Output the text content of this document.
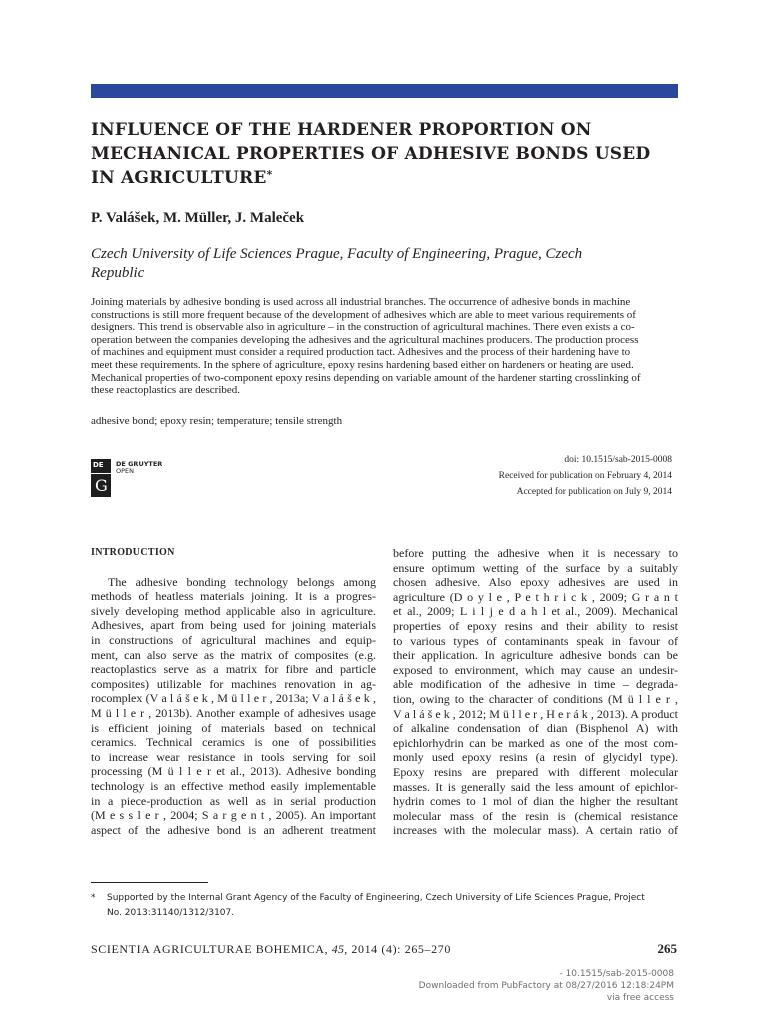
INFLUENCE OF THE HARDENER PROPORTION ON
MECHANICAL PROPERTIES OF ADHESIVE BONDS USED
IN AGRICULTURE*
P. Valášek, M. Müller, J. Maleček
Czech University of Life Sciences Prague, Faculty of Engineering, Prague, Czech
Republic
Joining materials by adhesive bonding is used across all industrial branches. The occurrence of adhesive bonds in machine
constructions is still more frequent because of the development of adhesives which are able to meet various requirements of
designers. This trend is observable also in agriculture – in the construction of agricultural machines. There even exists a co-
operation between the companies developing the adhesives and the agricultural machines producers. The production process
of machines and equipment must consider a required production tact. Adhesives and the process of their hardening have to
meet these requirements. In the sphere of agriculture, epoxy resins hardening based either on hardeners or heating are used.
Mechanical properties of two-component epoxy resins depending on variable amount of the hardener starting crosslinking of
these reactoplastics are described.
adhesive bond; epoxy resin; temperature; tensile strength
DE
G
DE GRUYTER
OPEN
doi: 10.1515/sab-2015-0008
Received for publication on February 4, 2014
Accepted for publication on July 9, 2014
INTRODUCTION
The adhesive bonding technology belongs among
methods of heatless materials joining. It is a progres-
sively developing method applicable also in agriculture.
Adhesives, apart from being used for joining materials
in constructions of agricultural machines and equip-
ment, can also serve as the matrix of composites (e.g.
reactoplastics serve as a matrix for fibre and particle
composites) utilizable for machines renovation in ag-
rocomplex (V a l á š e k , M ü l l e r , 2013a; V a l á š e k ,
M ü l l e r , 2013b). Another example of adhesives usage
is efficient joining of materials based on technical
ceramics. Technical ceramics is one of possibilities
to increase wear resistance in tools serving for soil
processing (M ü l l e r et al., 2013). Adhesive bonding
technology is an effective method easily implementable
in a piece-production as well as in serial production
(M e s s l e r , 2004; S a r g e n t , 2005). An important
aspect of the adhesive bond is an adherent treatment
before putting the adhesive when it is necessary to
ensure optimum wetting of the surface by a suitably
chosen adhesive. Also epoxy adhesives are used in
agriculture (D o y l e , P e t h r i c k , 2009; G r a n t
et al., 2009; L i l j e d a h l et al., 2009). Mechanical
properties of epoxy resins and their ability to resist
to various types of contaminants speak in favour of
their application. In agriculture adhesive bonds can be
exposed to environment, which may cause an undesir-
able modification of the adhesive in time – degrada-
tion, owing to the character of conditions (M ü l l e r ,
V a l á š e k , 2012; M ü l l e r , H e r á k , 2013). A product
of alkaline condensation of dian (Bisphenol A) with
epichlorhydrin can be marked as one of the most com-
monly used epoxy resins (a resin of glycidyl type).
Epoxy resins are prepared with different molecular
masses. It is generally said the less amount of epichlor-
hydrin comes to 1 mol of dian the higher the resultant
molecular mass of the resin is (chemical resistance
increases with the molecular mass). A certain ratio of
* Supported by the Internal Grant Agency of the Faculty of Engineering, Czech University of Life Sciences Prague, Project
No. 2013:31140/1312/3107.
SCIENTIA AGRICULTURAE BOHEMICA, 45, 2014 (4): 265–270	265
- 10.1515/sab-2015-0008
Downloaded from PubFactory at 08/27/2016 12:18:24PM
via free access
